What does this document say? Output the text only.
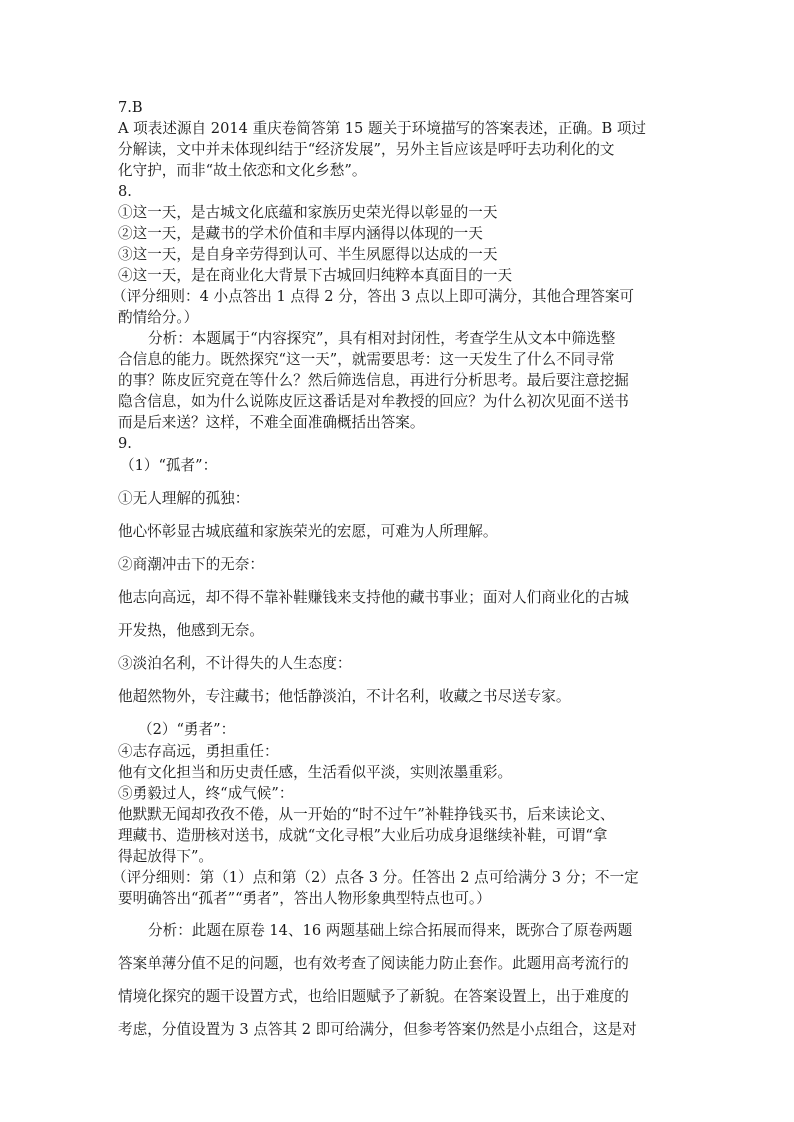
7.B

A 项表述源自 2014 重庆卷简答第 15 题关于环境描写的答案表述，正确。B 项过

分解读，文中并未体现纠结于“经济发展”，另外主旨应该是呼吁去功利化的文

化守护，而非“故土依恋和文化乡愁”。

8.

①这一天，是古城文化底蕴和家族历史荣光得以彰显的一天

②这一天，是藏书的学术价值和丰厚内涵得以体现的一天

③这一天，是自身辛劳得到认可、半生夙愿得以达成的一天

④这一天，是在商业化大背景下古城回归纯粹本真面目的一天

（评分细则：4 小点答出 1 点得 2 分，答出 3 点以上即可满分，其他合理答案可

酌情给分。）

分析：本题属于“内容探究”，具有相对封闭性，考查学生从文本中筛选整

合信息的能力。既然探究“这一天”，就需要思考：这一天发生了什么不同寻常

的事？陈皮匠究竟在等什么？然后筛选信息，再进行分析思考。最后要注意挖掘

隐含信息，如为什么说陈皮匠这番话是对牟教授的回应？为什么初次见面不送书

而是后来送？这样，不难全面准确概括出答案。

9.

（1）“孤者”：

①无人理解的孤独：

他心怀彰显古城底蕴和家族荣光的宏愿，可难为人所理解。

②商潮冲击下的无奈：

他志向高远，却不得不靠补鞋赚钱来支持他的藏书事业；面对人们商业化的古城

开发热，他感到无奈。

③淡泊名利，不计得失的人生态度：

他超然物外，专注藏书；他恬静淡泊，不计名利，收藏之书尽送专家。

（2）“勇者”：

④志存高远，勇担重任：

他有文化担当和历史责任感，生活看似平淡，实则浓墨重彩。

⑤勇毅过人，终“成气候”：

他默默无闻却孜孜不倦，从一开始的“时不过午”补鞋挣钱买书，后来读论文、

理藏书、造册核对送书，成就“文化寻根”大业后功成身退继续补鞋，可谓“拿

得起放得下”。

（评分细则：第（1）点和第（2）点各 3 分。任答出 2 点可给满分 3 分；不一定

要明确答出“孤者”“勇者”，答出人物形象典型特点也可。）

分析：此题在原卷 14、16 两题基础上综合拓展而得来，既弥合了原卷两题

答案单薄分值不足的问题，也有效考查了阅读能力防止套作。此题用高考流行的

情境化探究的题干设置方式，也给旧题赋予了新貌。在答案设置上，出于难度的

考虑，分值设置为 3 点答其 2 即可给满分，但参考答案仍然是小点组合，这是对
